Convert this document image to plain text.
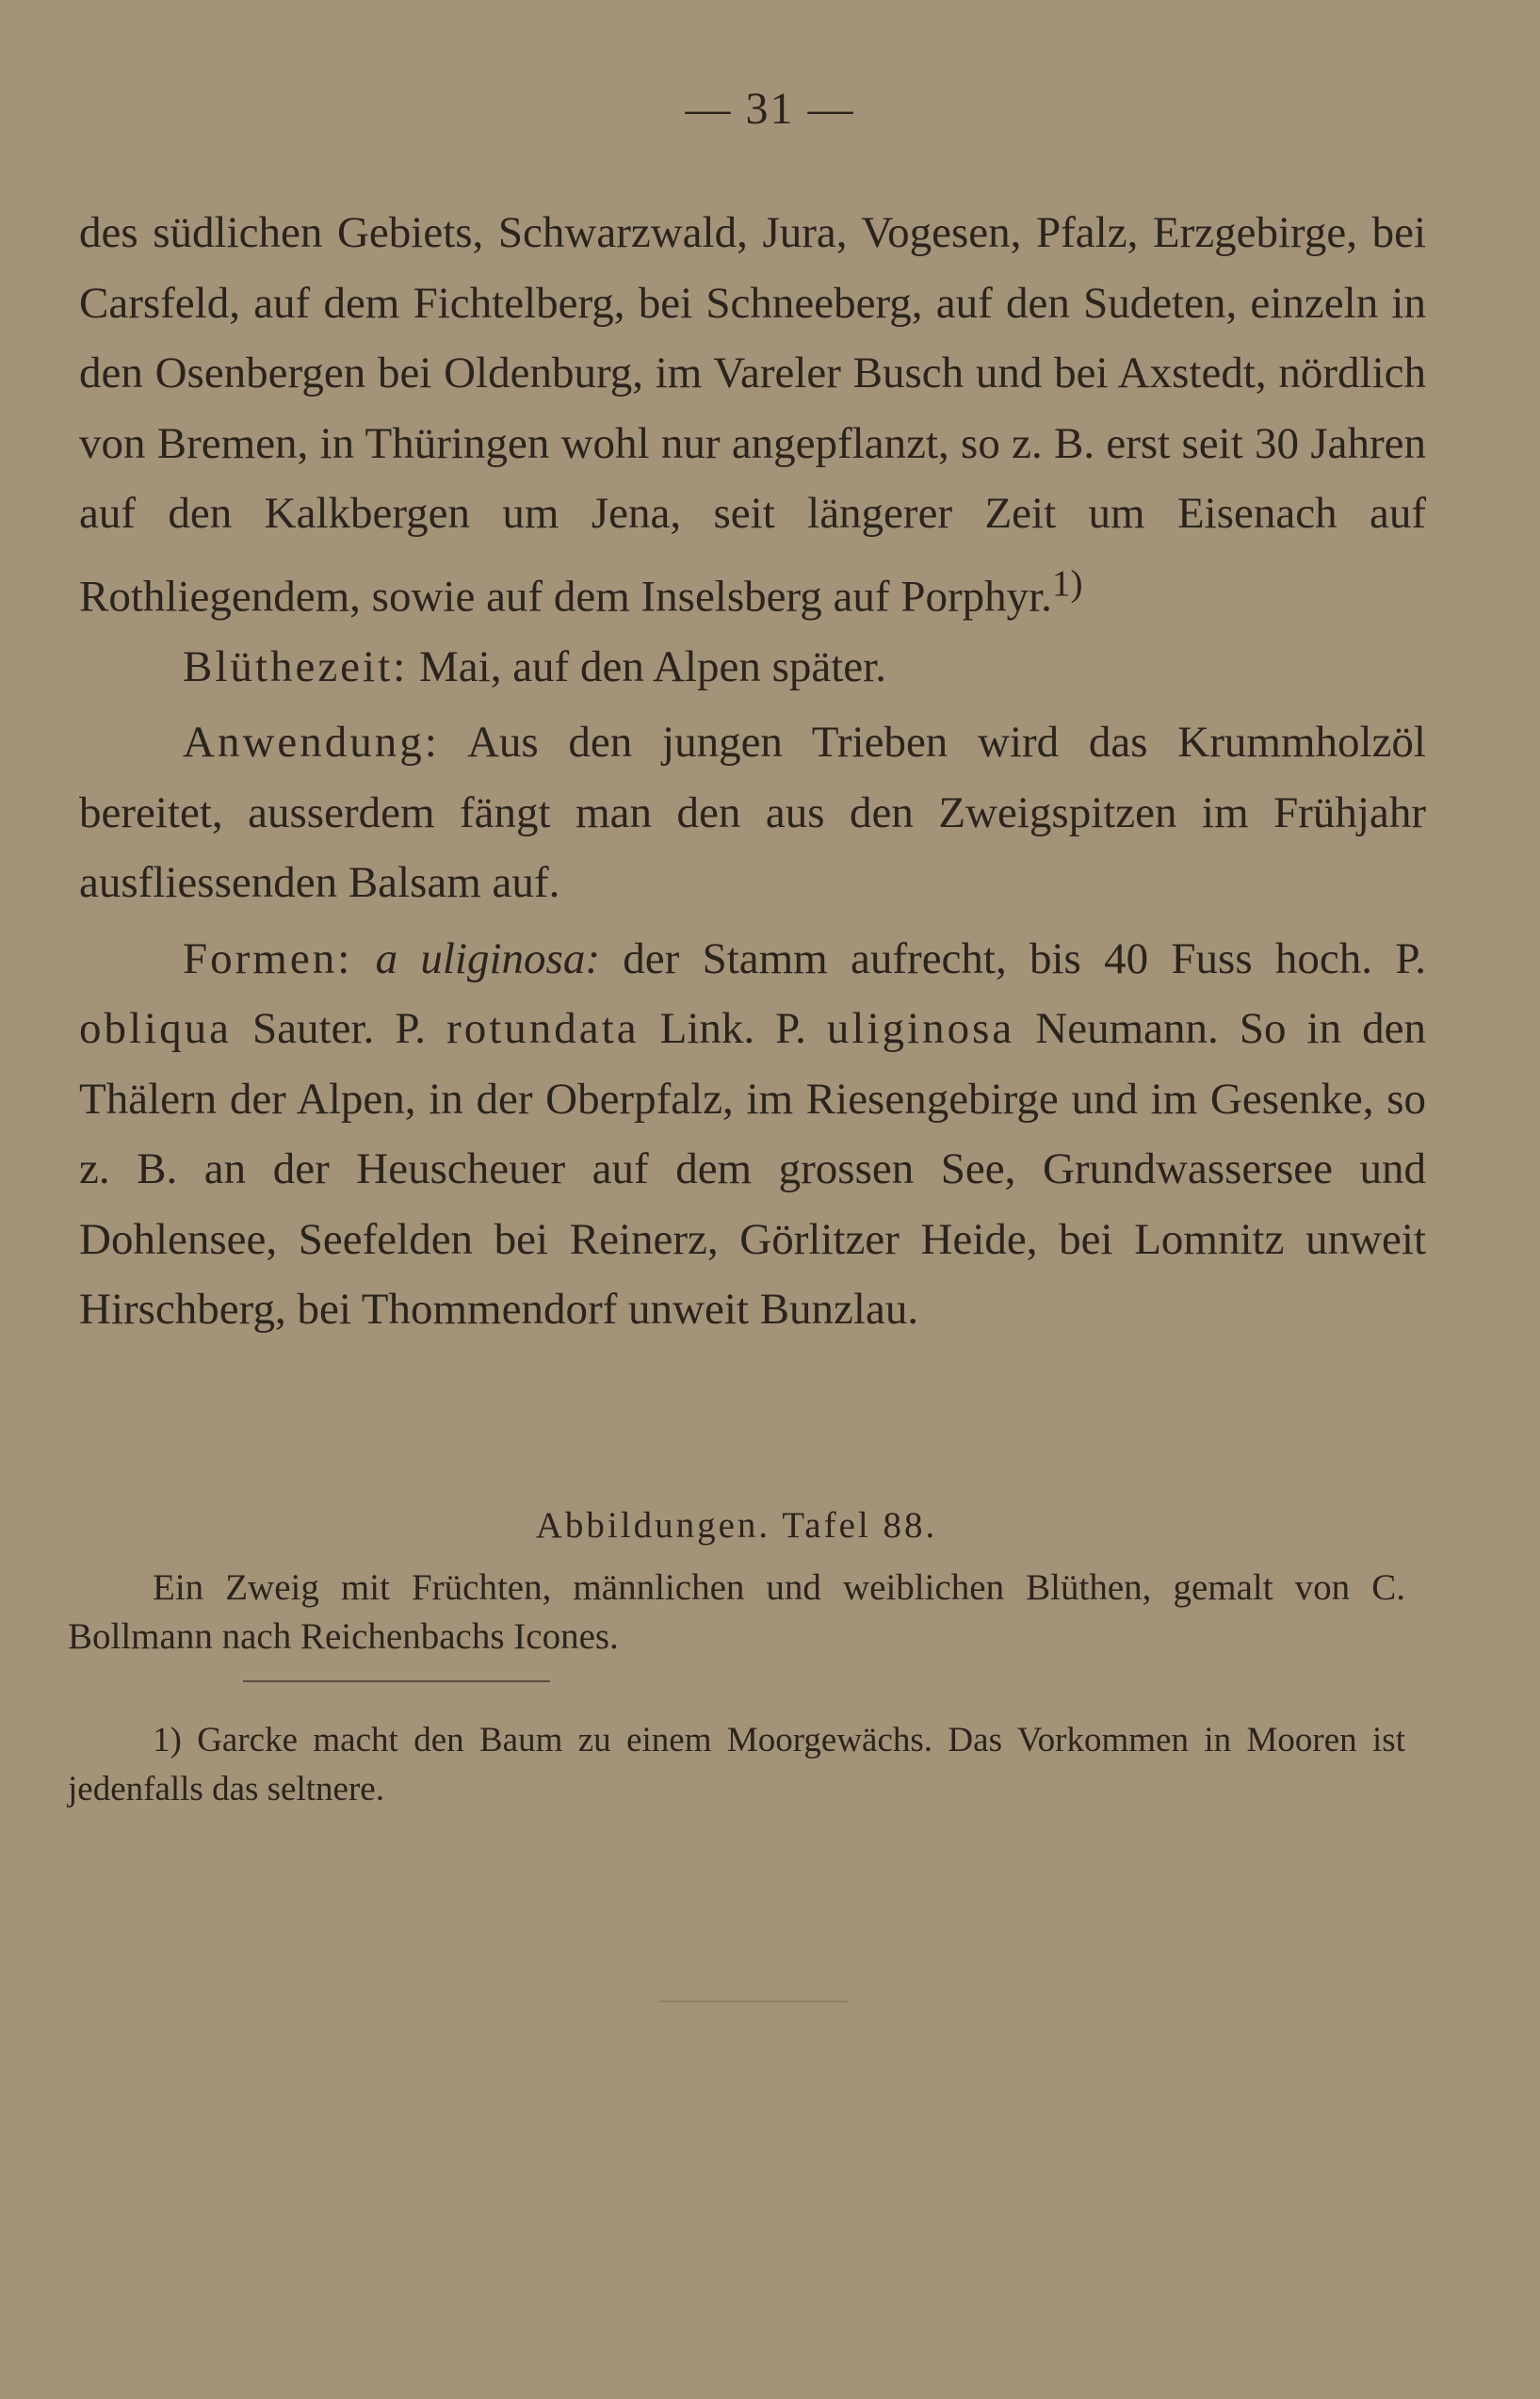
— 31 —

des südlichen Gebiets, Schwarzwald, Jura, Vogesen, Pfalz, Erzgebirge, bei Carsfeld, auf dem Fichtelberg, bei Schneeberg, auf den Sudeten, einzeln in den Osenbergen bei Oldenburg, im Vareler Busch und bei Axstedt, nördlich von Bremen, in Thüringen wohl nur angepflanzt, so z. B. erst seit 30 Jahren auf den Kalkbergen um Jena, seit längerer Zeit um Eisenach auf Rothliegendem, sowie auf dem Inselsberg auf Porphyr.$^{1)}$

Blüthezeit: Mai, auf den Alpen später.

Anwendung: Aus den jungen Trieben wird das Krummholzöl bereitet, ausserdem fängt man den aus den Zweigspitzen im Frühjahr ausfliessenden Balsam auf.

Formen: a uliginosa: der Stamm aufrecht, bis 40 Fuss hoch. P. obliqua Sauter. P. rotundata Link. P. uliginosa Neumann. So in den Thälern der Alpen, in der Oberpfalz, im Riesengebirge und im Gesenke, so z. B. an der Heuscheuer auf dem grossen See, Grundwassersee und Dohlensee, Seefelden bei Reinerz, Görlitzer Heide, bei Lomnitz unweit Hirschberg, bei Thommendorf unweit Bunzlau.

Abbildungen. Tafel 88.

Ein Zweig mit Früchten, männlichen und weiblichen Blüthen, gemalt von C. Bollmann nach Reichenbachs Icones.

1) Garcke macht den Baum zu einem Moorgewächs. Das Vorkommen in Mooren ist jedenfalls das seltnere.
